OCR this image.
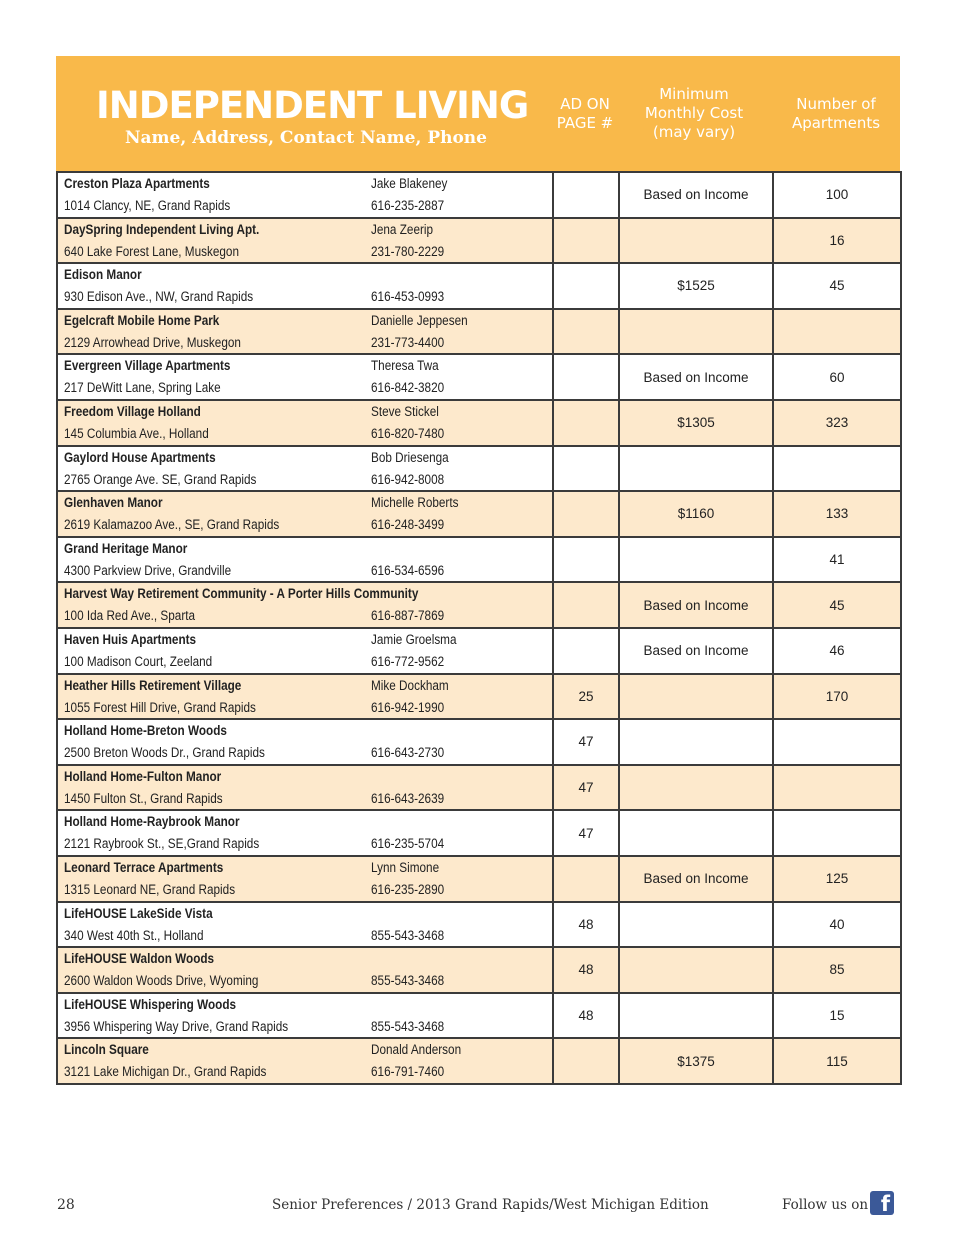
INDEPENDENT LIVING
Name, Address, Contact Name, Phone
AD ON
PAGE #
Minimum
Monthly Cost
(may vary)
Number of
Apartments
Creston Plaza Apartments
1014 Clancy, NE, Grand Rapids
Jake Blakeney
616-235-2887		Based on Income	100

DaySpring Independent Living Apt.
640 Lake Forest Lane, Muskegon
Jena Zeerip
231-780-2229			16

Edison Manor
930 Edison Ave., NW, Grand Rapids 616-453-0993		$1525	45

Egelcraft Mobile Home Park
2129 Arrowhead Drive, Muskegon
Danielle Jeppesen
231-773-4400			

Evergreen Village Apartments
217 DeWitt Lane, Spring Lake
Theresa Twa
616-842-3820		Based on Income	60

Freedom Village Holland
145 Columbia Ave., Holland
Steve Stickel
616-820-7480		$1305	323

Gaylord House Apartments
2765 Orange Ave. SE, Grand Rapids
Bob Driesenga
616-942-8008			

Glenhaven Manor
2619 Kalamazoo Ave., SE, Grand Rapids
Michelle Roberts
616-248-3499		$1160	133

Grand Heritage Manor
4300 Parkview Drive, Grandville 616-534-6596			41

Harvest Way Retirement Community - A Porter Hills Community
100 Ida Red Ave., Sparta 616-887-7869		Based on Income	45

Haven Huis Apartments
100 Madison Court, Zeeland
Jamie Groelsma
616-772-9562		Based on Income	46

Heather Hills Retirement Village
1055 Forest Hill Drive, Grand Rapids
Mike Dockham
616-942-1990	25		170

Holland Home-Breton Woods
2500 Breton Woods Dr., Grand Rapids 616-643-2730	47		

Holland Home-Fulton Manor
1450 Fulton St., Grand Rapids 616-643-2639	47		

Holland Home-Raybrook Manor
2121 Raybrook St., SE,Grand Rapids 616-235-5704	47		

Leonard Terrace Apartments
1315 Leonard NE, Grand Rapids
Lynn Simone
616-235-2890		Based on Income	125

LifeHOUSE LakeSide Vista
340 West 40th St., Holland 855-543-3468	48		40

LifeHOUSE Waldon Woods
2600 Waldon Woods Drive, Wyoming 855-543-3468	48		85

LifeHOUSE Whispering Woods
3956 Whispering Way Drive, Grand Rapids 855-543-3468	48		15

Lincoln Square
3121 Lake Michigan Dr., Grand Rapids
Donald Anderson
616-791-7460		$1375	115
28	Senior Preferences / 2013 Grand Rapids/West Michigan Edition	Follow us on f
